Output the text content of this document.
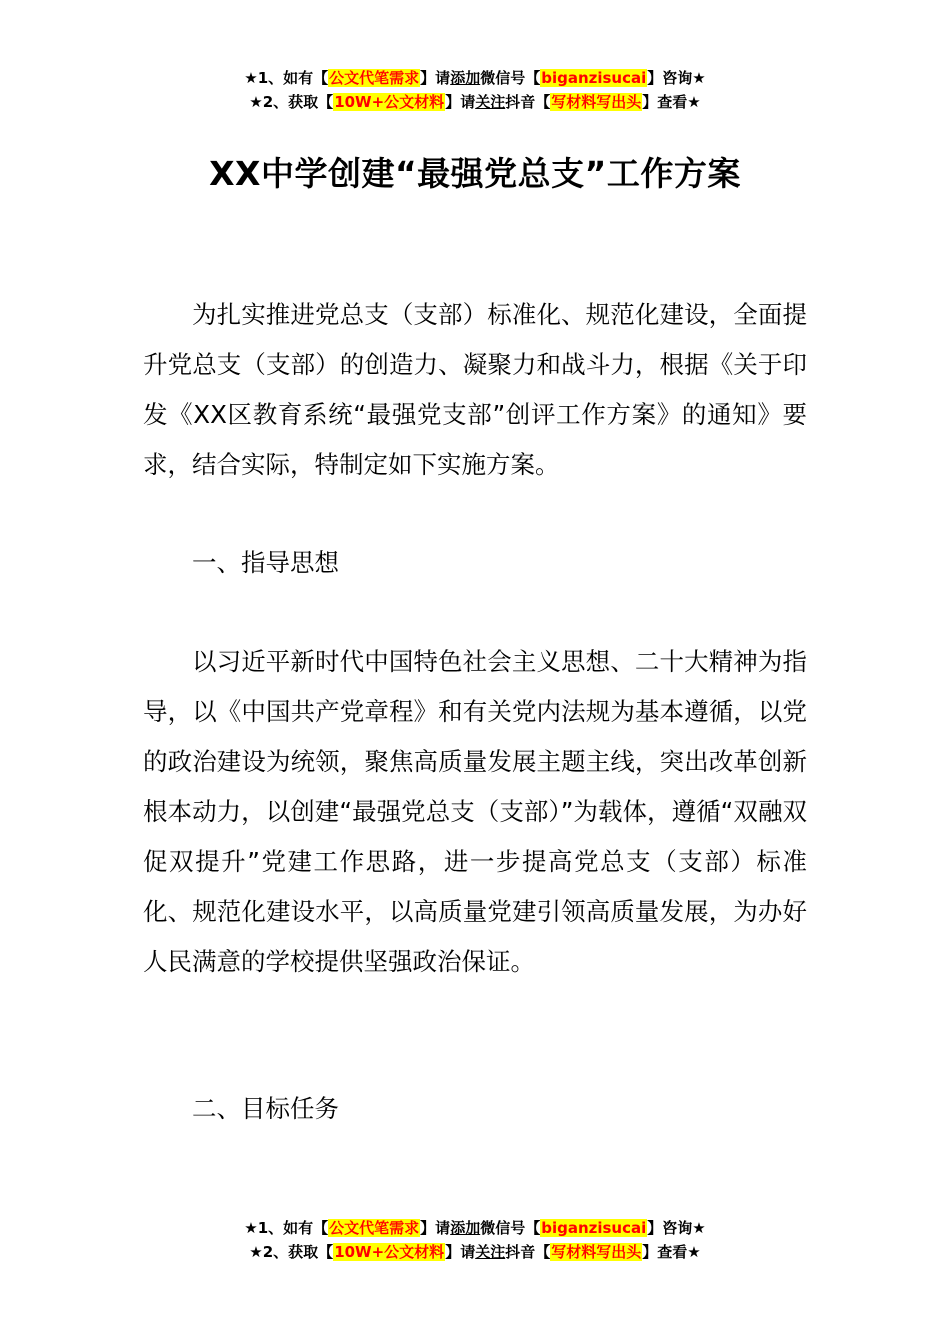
★1、如有【公文代笔需求】请添加微信号【biganzisucai】咨询★
★2、获取【10W+公文材料】请关注抖音【写材料写出头】查看★
XX中学创建“最强党总支”工作方案

为扎实推进党总支（支部）标准化、规范化建设，全面提升党总支（支部）的创造力、凝聚力和战斗力，根据《关于印发《XX区教育系统“最强党支部”创评工作方案》的通知》要求，结合实际，特制定如下实施方案。

一、指导思想

以习近平新时代中国特色社会主义思想、二十大精神为指导，以《中国共产党章程》和有关党内法规为基本遵循，以党的政治建设为统领，聚焦高质量发展主题主线，突出改革创新根本动力，以创建“最强党总支（支部）”为载体，遵循“双融双促双提升”党建工作思路，进一步提高党总支（支部）标准化、规范化建设水平，以高质量党建引领高质量发展，为办好人民满意的学校提供坚强政治保证。

二、目标任务

★1、如有【公文代笔需求】请添加微信号【biganzisucai】咨询★
★2、获取【10W+公文材料】请关注抖音【写材料写出头】查看★
